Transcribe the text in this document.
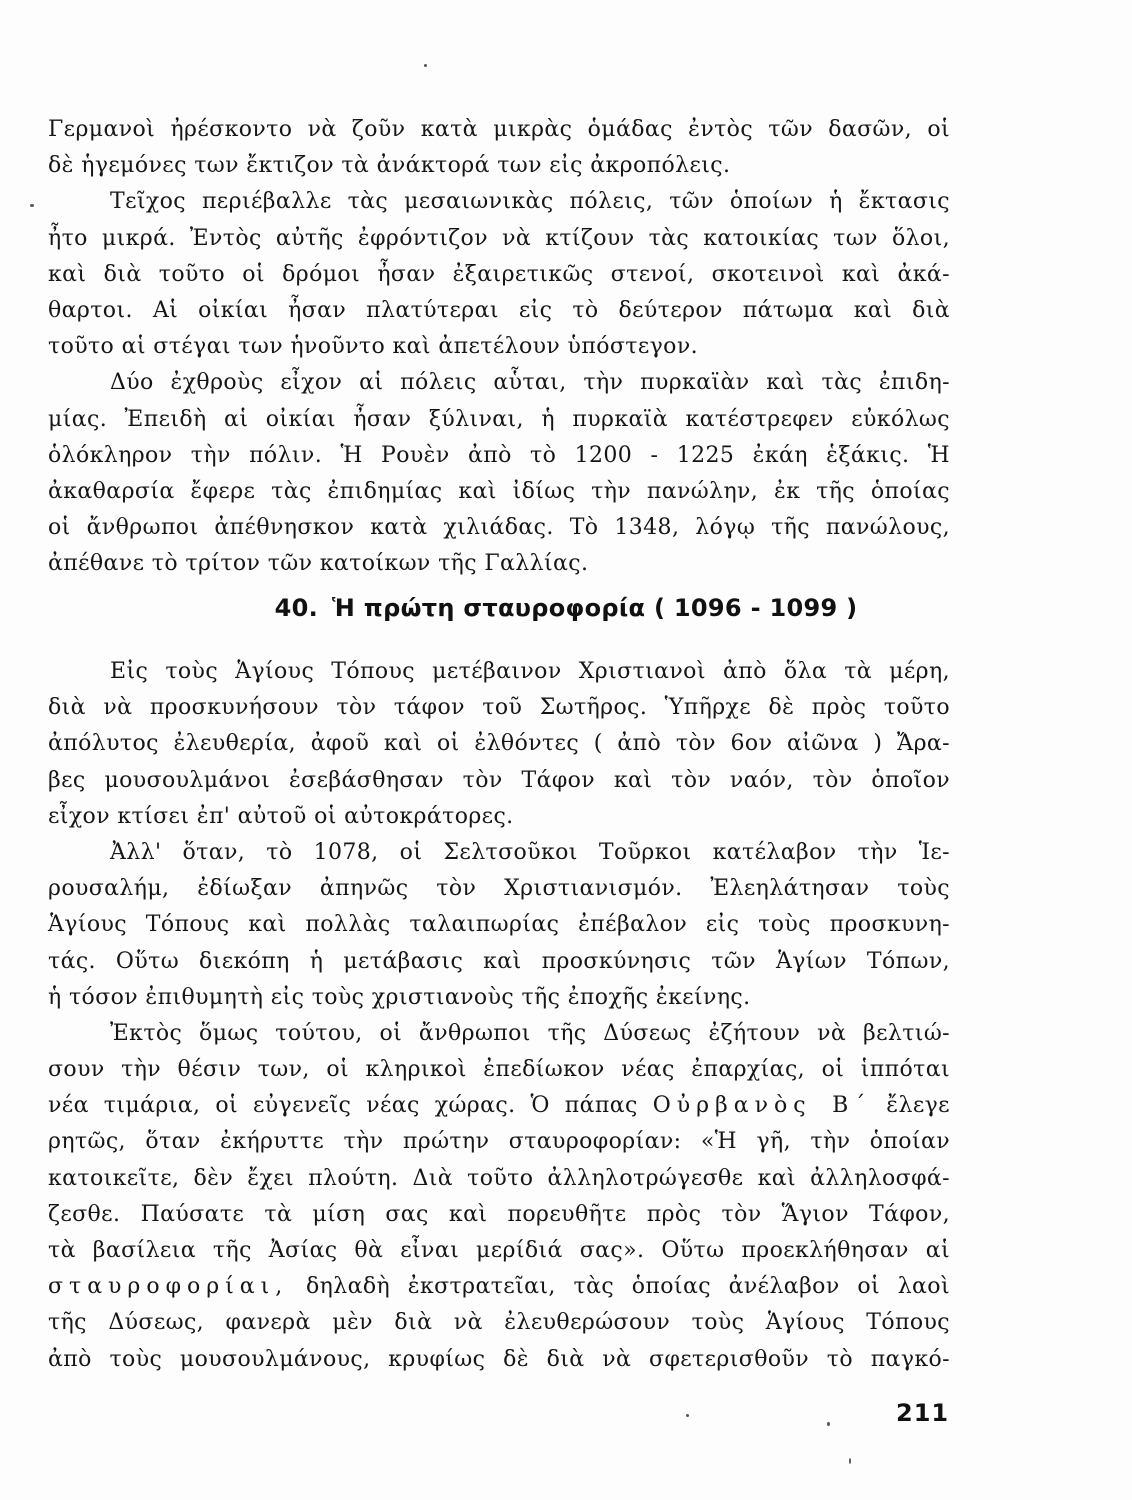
Γερμανοὶ ἠρέσκοντο νὰ ζοῦν κατὰ μικρὰς ὁμάδας ἐντὸς τῶν δασῶν, οἱ
δὲ ἡγεμόνες των ἔκτιζον τὰ ἀνάκτορά των εἰς ἀκροπόλεις.
Τεῖχος περιέβαλλε τὰς μεσαιωνικὰς πόλεις, τῶν ὁποίων ἡ ἔκτασις
ἦτο μικρά. Ἐντὸς αὐτῆς ἐφρόντιζον νὰ κτίζουν τὰς κατοικίας των ὅλοι,
καὶ διὰ τοῦτο οἱ δρόμοι ἦσαν ἐξαιρετικῶς στενοί, σκοτεινοὶ καὶ ἀκά-
θαρτοι. Αἱ οἰκίαι ἦσαν πλατύτεραι εἰς τὸ δεύτερον πάτωμα καὶ διὰ
τοῦτο αἱ στέγαι των ἡνοῦντο καὶ ἀπετέλουν ὑπόστεγον.
Δύο ἐχθροὺς εἶχον αἱ πόλεις αὗται, τὴν πυρκαϊὰν καὶ τὰς ἐπιδη-
μίας. Ἐπειδὴ αἱ οἰκίαι ἦσαν ξύλιναι, ἡ πυρκαϊὰ κατέστρεφεν εὐκόλως
ὁλόκληρον τὴν πόλιν. Ἡ Ρουὲν ἀπὸ τὸ 1200 - 1225 ἐκάη ἑξάκις. Ἡ
ἀκαθαρσία ἔφερε τὰς ἐπιδημίας καὶ ἰδίως τὴν πανώλην, ἐκ τῆς ὁποίας
οἱ ἄνθρωποι ἀπέθνησκον κατὰ χιλιάδας. Τὸ 1348, λόγῳ τῆς πανώλους,
ἀπέθανε τὸ τρίτον τῶν κατοίκων τῆς Γαλλίας.
40. Ἡ πρώτη σταυροφορία ( 1096 - 1099 )
Εἰς τοὺς Ἁγίους Τόπους μετέβαινον Χριστιανοὶ ἀπὸ ὅλα τὰ μέρη,
διὰ νὰ προσκυνήσουν τὸν τάφον τοῦ Σωτῆρος. Ὑπῆρχε δὲ πρὸς τοῦτο
ἀπόλυτος ἐλευθερία, ἀφοῦ καὶ οἱ ἐλθόντες ( ἀπὸ τὸν 6ον αἰῶνα ) Ἄρα-
βες μουσουλμάνοι ἐσεβάσθησαν τὸν Τάφον καὶ τὸν ναόν, τὸν ὁποῖον
εἶχον κτίσει ἐπ' αὐτοῦ οἱ αὐτοκράτορες.
Ἀλλ' ὅταν, τὸ 1078, οἱ Σελτσοῦκοι Τοῦρκοι κατέλαβον τὴν Ἱε-
ρουσαλήμ, ἐδίωξαν ἀπηνῶς τὸν Χριστιανισμόν. Ἐλεηλάτησαν τοὺς
Ἁγίους Τόπους καὶ πολλὰς ταλαιπωρίας ἐπέβαλον εἰς τοὺς προσκυνη-
τάς. Οὕτω διεκόπη ἡ μετάβασις καὶ προσκύνησις τῶν Ἁγίων Τόπων,
ἡ τόσον ἐπιθυμητὴ εἰς τοὺς χριστιανοὺς τῆς ἐποχῆς ἐκείνης.
Ἐκτὸς ὅμως τούτου, οἱ ἄνθρωποι τῆς Δύσεως ἐζήτουν νὰ βελτιώ-
σουν τὴν θέσιν των, οἱ κληρικοὶ ἐπεδίωκον νέας ἐπαρχίας, οἱ ἱππόται
νέα τιμάρια, οἱ εὐγενεῖς νέας χώρας. Ὁ πάπας Οὐρβανὸς Β΄ ἔλεγε
ρητῶς, ὅταν ἐκήρυττε τὴν πρώτην σταυροφορίαν: «Ἡ γῆ, τὴν ὁποίαν
κατοικεῖτε, δὲν ἔχει πλούτη. Διὰ τοῦτο ἀλληλοτρώγεσθε καὶ ἀλληλοσφά-
ζεσθε. Παύσατε τὰ μίση σας καὶ πορευθῆτε πρὸς τὸν Ἅγιον Τάφον,
τὰ βασίλεια τῆς Ἀσίας θὰ εἶναι μερίδιά σας». Οὕτω προεκλήθησαν αἱ
σταυροφορίαι, δηλαδὴ ἐκστρατεῖαι, τὰς ὁποίας ἀνέλαβον οἱ λαοὶ
τῆς Δύσεως, φανερὰ μὲν διὰ νὰ ἐλευθερώσουν τοὺς Ἁγίους Τόπους
ἀπὸ τοὺς μουσουλμάνους, κρυφίως δὲ διὰ νὰ σφετερισθοῦν τὸ παγκό-
211
